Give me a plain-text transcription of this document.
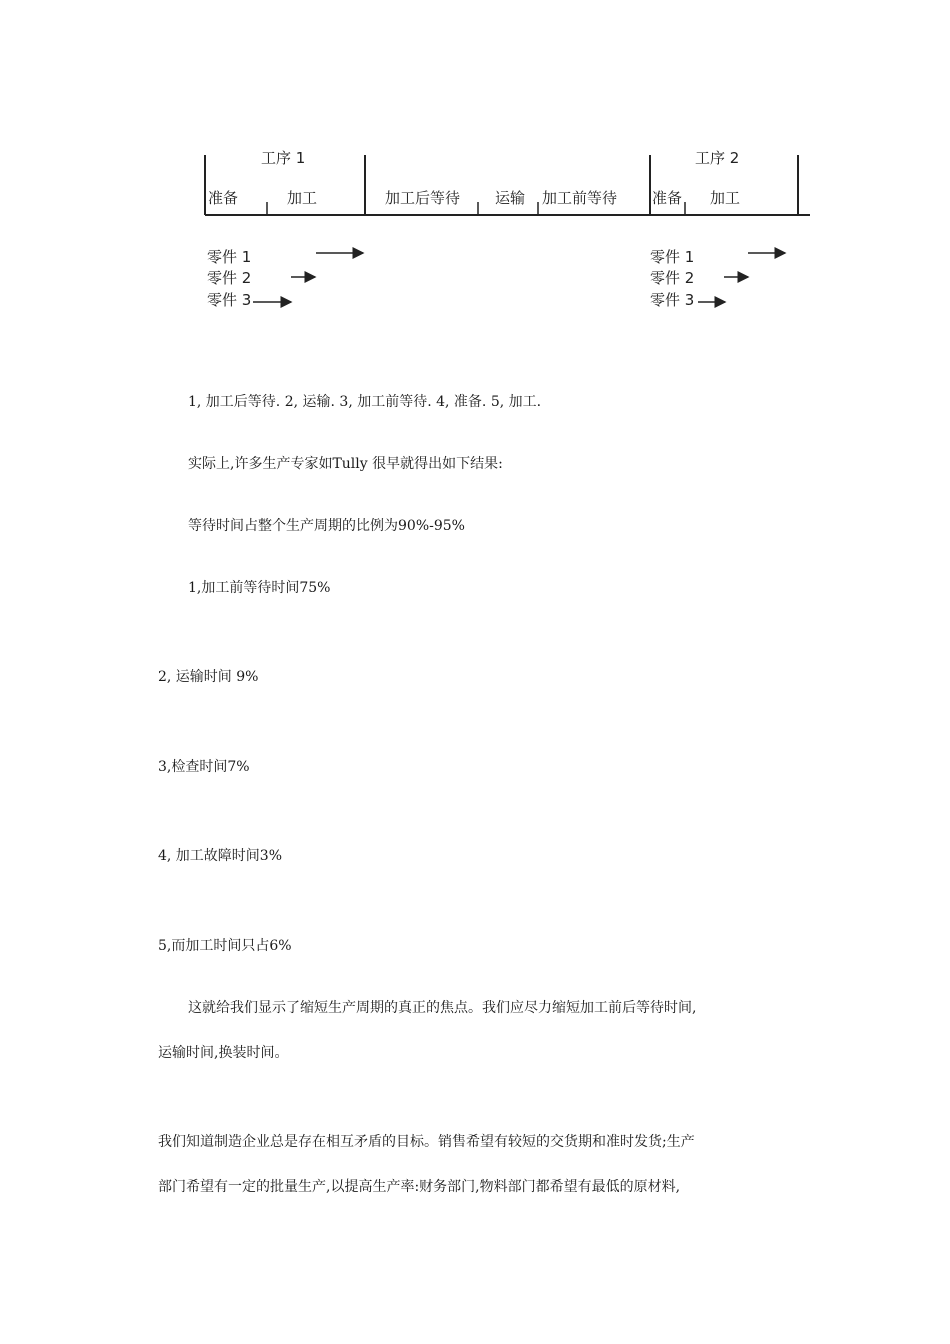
工序 1	工序 2
准备	加工	加工后等待 运输 加工前等待 准备 加工
零件 1
零件 2
零件 3
零件 1
零件 2
零件 3
1, 加工后等待. 2, 运输. 3, 加工前等待. 4, 准备. 5, 加工.
实际上,许多生产专家如Tully 很早就得出如下结果:
等待时间占整个生产周期的比例为90%-95%
1,加工前等待时间75%
2, 运输时间 9%
3,检查时间7%
4, 加工故障时间3%
5,而加工时间只占6%
这就给我们显示了缩短生产周期的真正的焦点。我们应尽力缩短加工前后等待时间,
运输时间,换装时间。
我们知道制造企业总是存在相互矛盾的目标。销售希望有较短的交货期和准时发货;生产
部门希望有一定的批量生产,以提高生产率:财务部门,物料部门都希望有最低的原材料,
